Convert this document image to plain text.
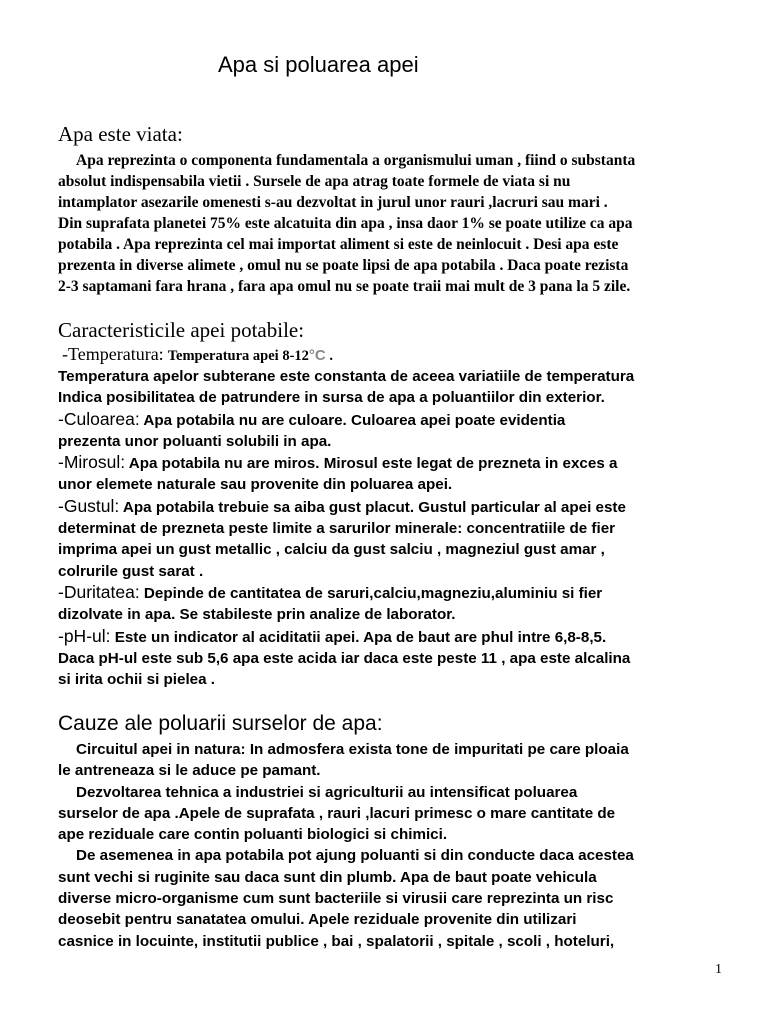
Apa si poluarea apei
Apa este viata:
Apa reprezinta o componenta fundamentala a organismului uman , fiind o substanta
absolut indispensabila vietii . Sursele de apa atrag toate formele de viata si nu
intamplator asezarile omenesti s-au dezvoltat in jurul unor rauri ,lacruri sau mari .
Din suprafata planetei 75% este alcatuita din apa , insa daor 1% se poate utilize ca apa
potabila . Apa reprezinta cel mai importat aliment si este de neinlocuit . Desi apa este
prezenta in diverse alimete , omul nu se poate lipsi de apa potabila . Daca poate rezista
2-3 saptamani fara hrana , fara apa omul nu se poate traii mai mult de 3 pana la 5 zile.
Caracteristicile apei potabile:
-Temperatura: Temperatura apei 8-12°C .
Temperatura apelor subterane este constanta de aceea variatiile de temperatura
Indica posibilitatea de patrundere in sursa de apa a poluantiilor din exterior.
-Culoarea: Apa potabila nu are culoare. Culoarea apei poate evidentia
prezenta unor poluanti solubili in apa.
-Mirosul: Apa potabila nu are miros. Mirosul este legat de prezneta in exces a
unor elemete naturale sau provenite din poluarea apei.
-Gustul: Apa potabila trebuie sa aiba gust placut. Gustul particular al apei este
determinat de prezneta peste limite a sarurilor minerale: concentratiile de fier
imprima apei un gust metallic , calciu da gust salciu , magneziul gust amar ,
colrurile gust sarat .
-Duritatea: Depinde de cantitatea de saruri,calciu,magneziu,aluminiu si fier
dizolvate in apa. Se stabileste prin analize de laborator.
-pH-ul: Este un indicator al aciditatii apei. Apa de baut are phul intre 6,8-8,5.
Daca pH-ul este sub 5,6 apa este acida iar daca este peste 11 , apa este alcalina
si irita ochii si pielea .
Cauze ale poluarii surselor de apa:
Circuitul apei in natura: In admosfera exista tone de impuritati pe care ploaia
le antreneaza si le aduce pe pamant.
Dezvoltarea tehnica a industriei si agriculturii au intensificat poluarea
surselor de apa .Apele de suprafata , rauri ,lacuri primesc o mare cantitate de
ape reziduale care contin poluanti biologici si chimici.
De asemenea in apa potabila pot ajung poluanti si din conducte daca acestea
sunt vechi si ruginite sau daca sunt din plumb. Apa de baut poate vehicula
diverse micro-organisme cum sunt bacteriile si virusii care reprezinta un risc
deosebit pentru sanatatea omului. Apele reziduale provenite din utilizari
casnice in locuinte, institutii publice , bai , spalatorii , spitale , scoli , hoteluri,
1
